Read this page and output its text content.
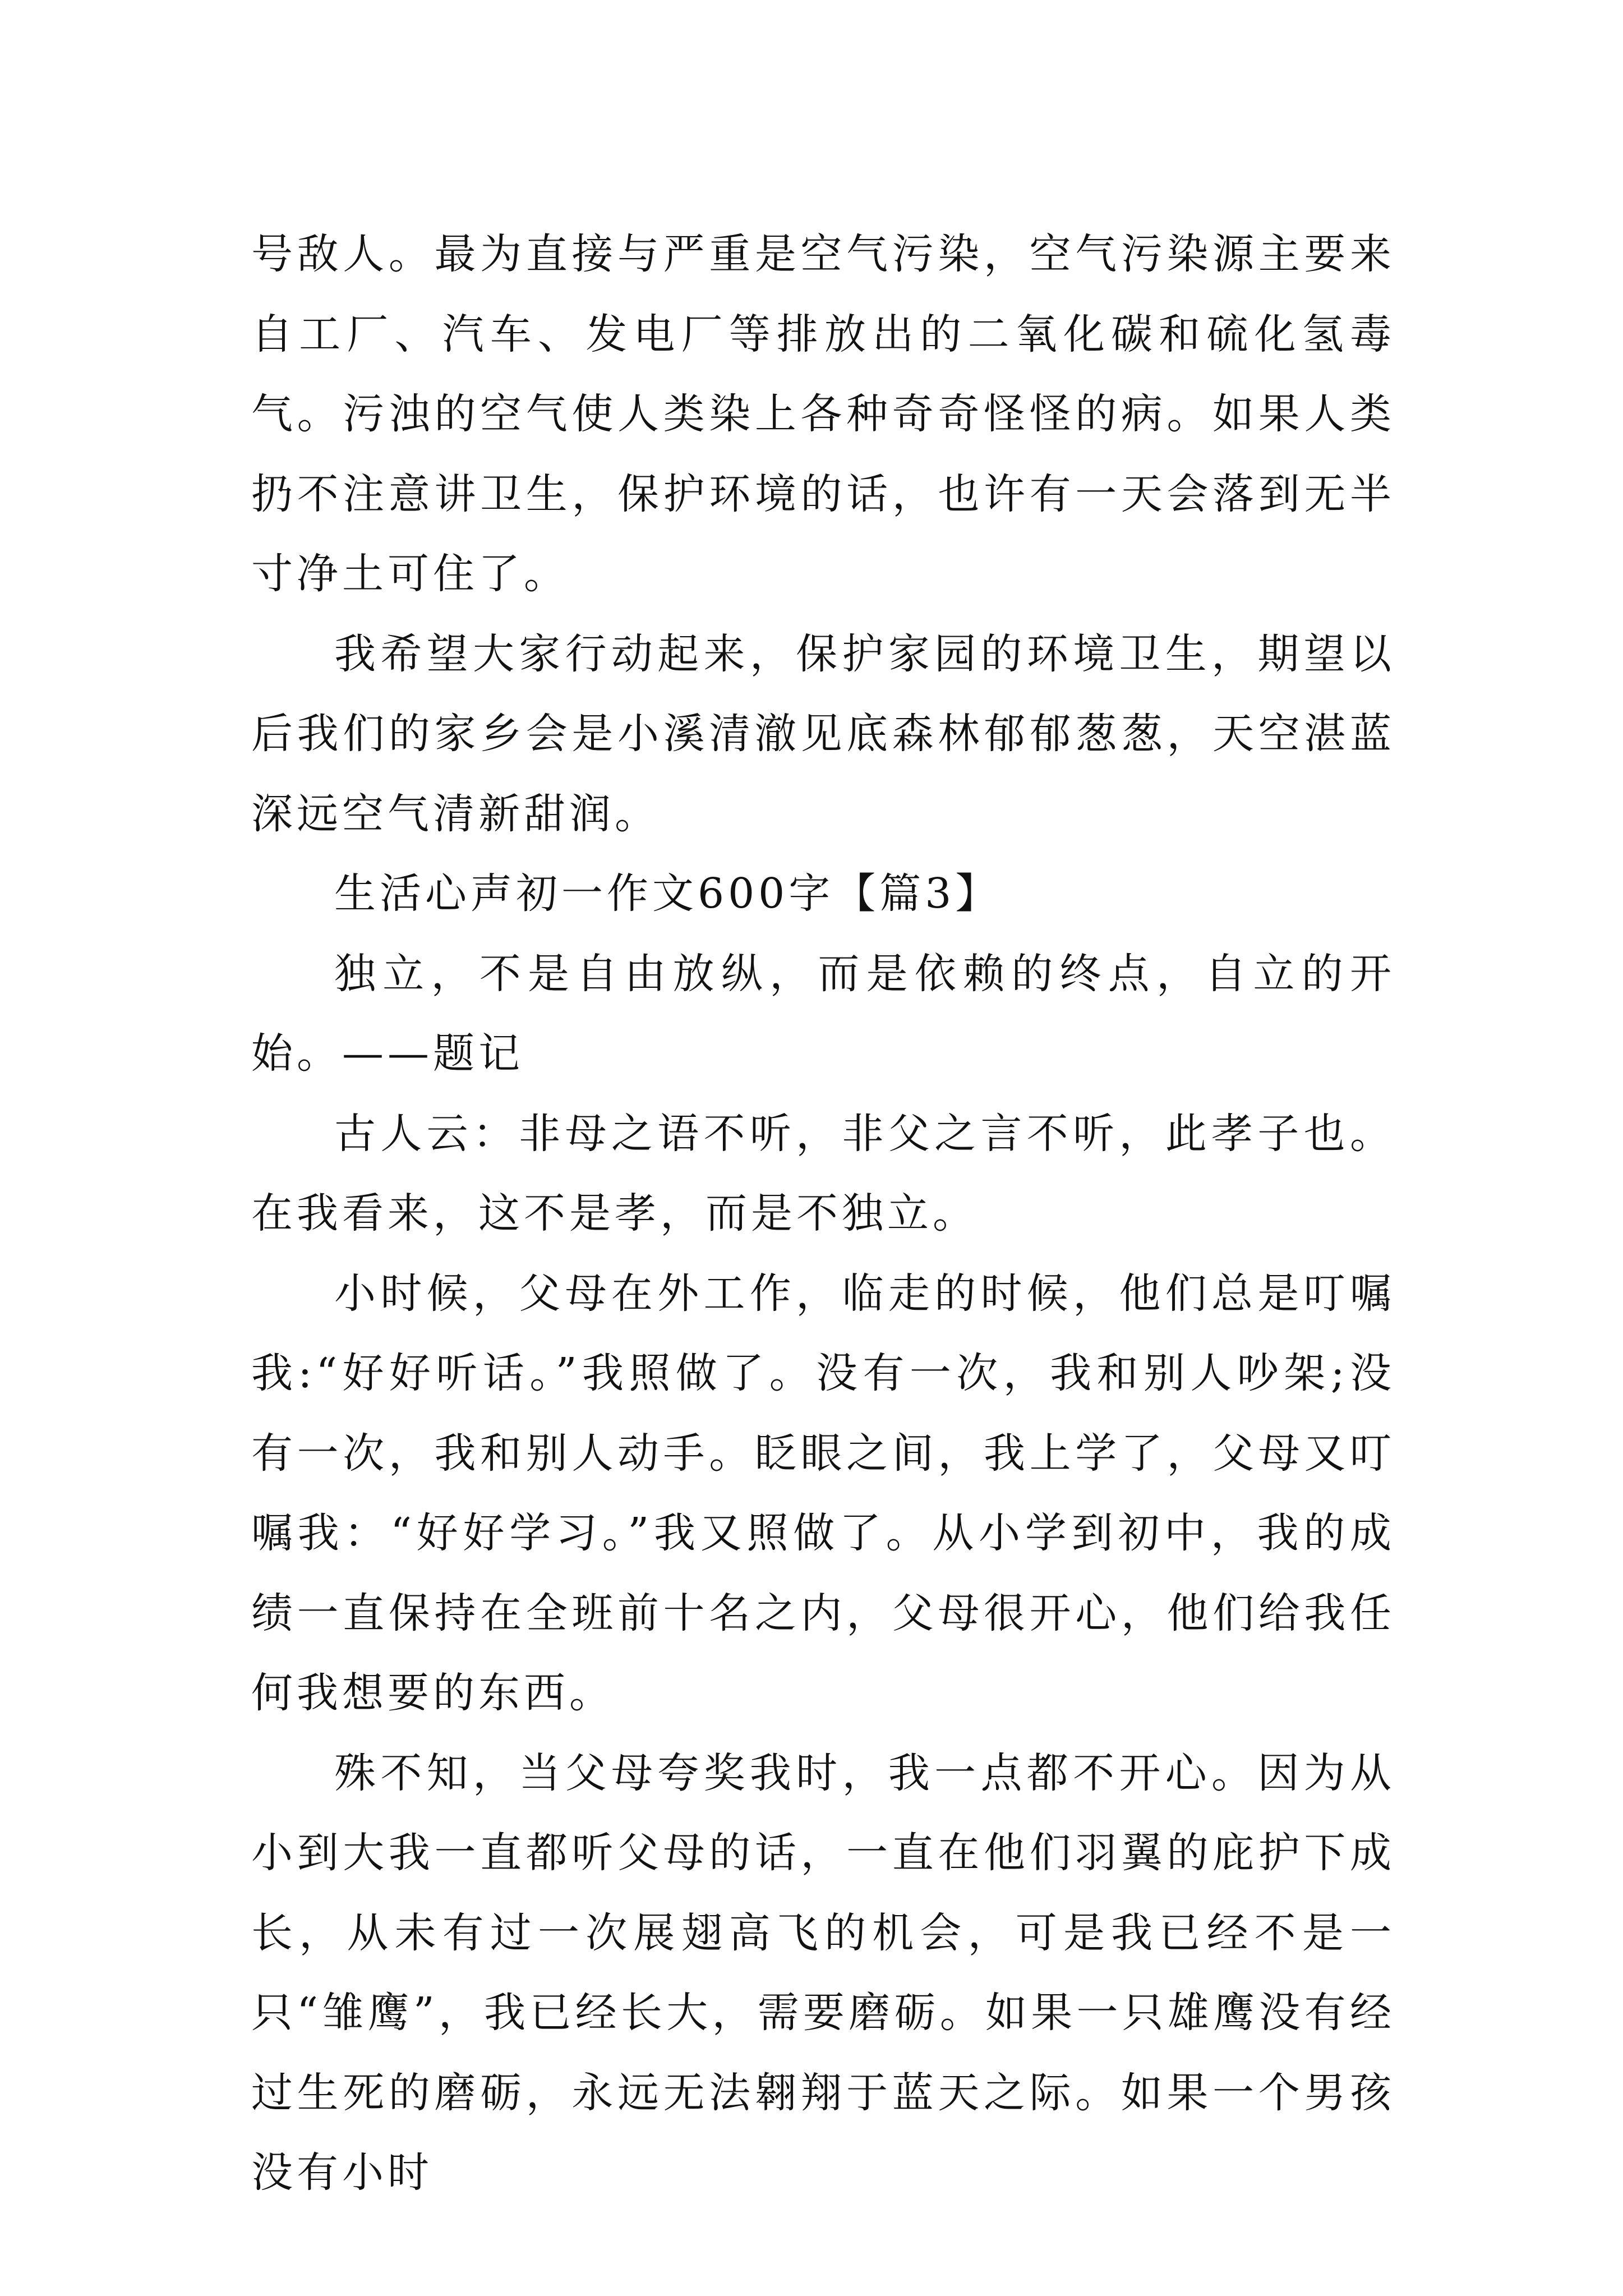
号敌人。最为直接与严重是空气污染，空气污染源主要来自工厂、汽车、发电厂等排放出的二氧化碳和硫化氢毒气。污浊的空气使人类染上各种奇奇怪怪的病。如果人类扔不注意讲卫生，保护环境的话，也许有一天会落到无半寸净土可住了。

我希望大家行动起来，保护家园的环境卫生，期望以后我们的家乡会是小溪清澈见底森林郁郁葱葱，天空湛蓝深远空气清新甜润。

生活心声初一作文600字【篇3】

独立，不是自由放纵，而是依赖的终点，自立的开始。——题记

古人云：非母之语不听，非父之言不听，此孝子也。在我看来，这不是孝，而是不独立。

小时候，父母在外工作，临走的时候，他们总是叮嘱我:“好好听话。”我照做了。没有一次，我和别人吵架;没有一次，我和别人动手。眨眼之间，我上学了，父母又叮嘱我：“好好学习。”我又照做了。从小学到初中，我的成绩一直保持在全班前十名之内，父母很开心，他们给我任何我想要的东西。

殊不知，当父母夸奖我时，我一点都不开心。因为从小到大我一直都听父母的话，一直在他们羽翼的庇护下成长，从未有过一次展翅高飞的机会，可是我已经不是一只“雏鹰”，我已经长大，需要磨砺。如果一只雄鹰没有经过生死的磨砺，永远无法翱翔于蓝天之际。如果一个男孩没有小时
